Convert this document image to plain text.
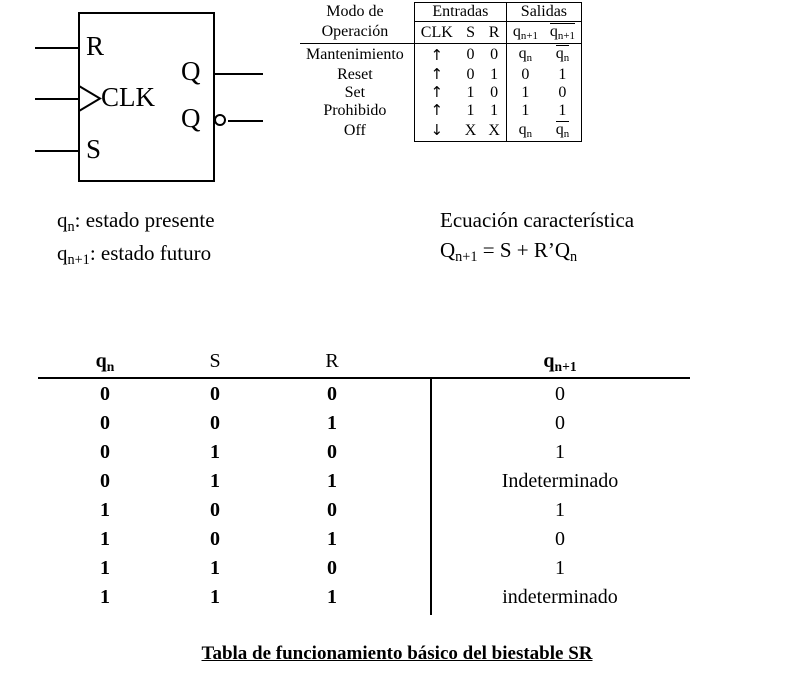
R
CLK
S
Q
Q
Modo de	Entradas			Salidas	
Operación	CLK	S	R	$q_{n+1}$	$q_{n+1}$
Mantenimiento	↑	0	0	$q_n$	$q_n$
Reset	↑	0	1	0	1
Set	↑	1	0	1	0
Prohibido	↑	1	1	1	1
Off	↓	X	X	$q_n$	$q_n$
$q_n$: estado presente
$q_{n+1}$: estado futuro
Ecuación característica
$Q_{n+1} = S$ + $R’Q_n$
$q_n$	S	R	$q_{n+1}$
0	0	0	0
0	0	1	0
0	1	0	1
0	1	1	Indeterminado
1	0	0	1
1	0	1	0
1	1	0	1
1	1	1	indeterminado
Tabla de funcionamiento básico del biestable SR
